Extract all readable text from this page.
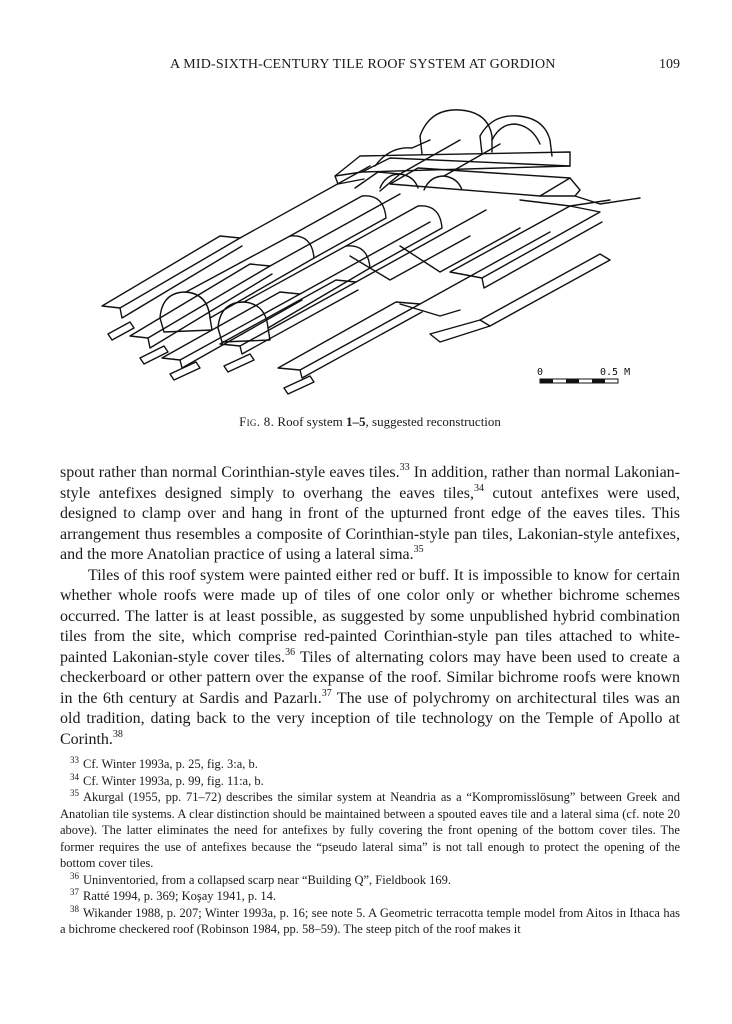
A MID-SIXTH-CENTURY TILE ROOF SYSTEM AT GORDION	109
0	0.5 M
Fig. 8. Roof system 1–5, suggested reconstruction

spout rather than normal Corinthian-style eaves tiles.$^{33}$ In addition, rather than normal Lakonian-style antefixes designed simply to overhang the eaves tiles,$^{34}$ cutout antefixes were used, designed to clamp over and hang in front of the upturned front edge of the eaves tiles. This arrangement thus resembles a composite of Corinthian-style pan tiles, Lakonian-style antefixes, and the more Anatolian practice of using a lateral sima.$^{35}$

Tiles of this roof system were painted either red or buff. It is impossible to know for certain whether whole roofs were made up of tiles of one color only or whether bichrome schemes occurred. The latter is at least possible, as suggested by some unpublished hybrid combination tiles from the site, which comprise red-painted Corinthian-style pan tiles attached to white-painted Lakonian-style cover tiles.$^{36}$ Tiles of alternating colors may have been used to create a checkerboard or other pattern over the expanse of the roof. Similar bichrome roofs were known in the 6th century at Sardis and Pazarlı.$^{37}$ The use of polychromy on architectural tiles was an old tradition, dating back to the very inception of tile technology on the Temple of Apollo at Corinth.$^{38}$

$^{33}$ Cf. Winter 1993a, p. 25, fig. 3:a, b.

$^{34}$ Cf. Winter 1993a, p. 99, fig. 11:a, b.

$^{35}$ Akurgal (1955, pp. 71–72) describes the similar system at Neandria as a “Kompromisslösung” between Greek and Anatolian tile systems. A clear distinction should be maintained between a spouted eaves tile and a lateral sima (cf. note 20 above). The latter eliminates the need for antefixes by fully covering the front opening of the bottom cover tiles. The former requires the use of antefixes because the “pseudo lateral sima” is not tall enough to protect the opening of the bottom cover tiles.

$^{36}$ Uninventoried, from a collapsed scarp near “Building Q”, Fieldbook 169.

$^{37}$ Ratté 1994, p. 369; Koşay 1941, p. 14.

$^{38}$ Wikander 1988, p. 207; Winter 1993a, p. 16; see note 5. A Geometric terracotta temple model from Aitos in Ithaca has a bichrome checkered roof (Robinson 1984, pp. 58–59). The steep pitch of the roof makes it
